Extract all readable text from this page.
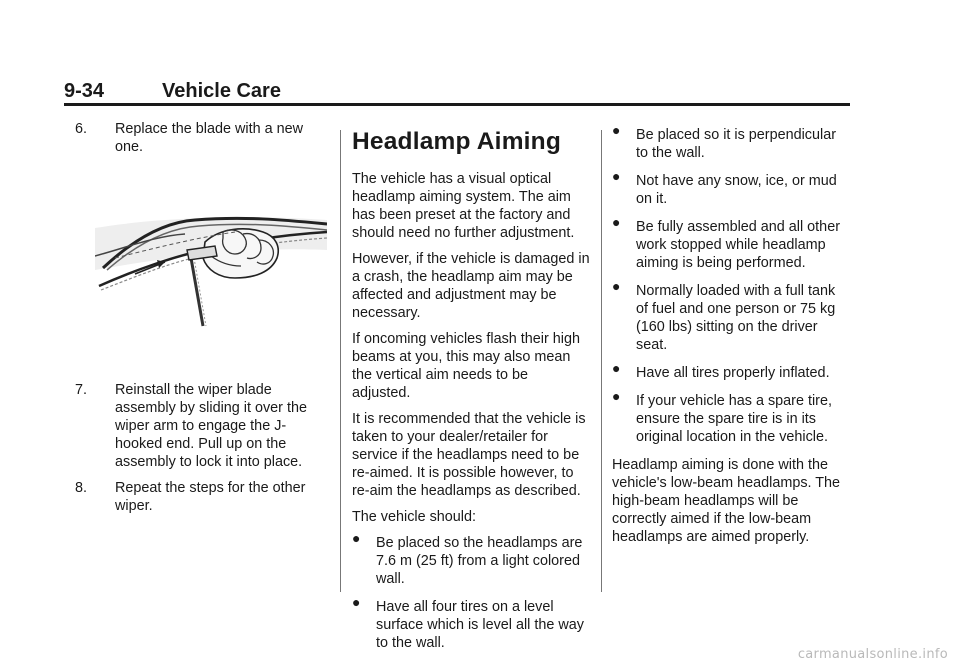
9-34	Vehicle Care
6. Replace the blade with a new one.
7. Reinstall the wiper blade assembly by sliding it over the wiper arm to engage the J-hooked end. Pull up on the assembly to lock it into place.
8. Repeat the steps for the other wiper.
Headlamp Aiming
The vehicle has a visual optical headlamp aiming system. The aim has been preset at the factory and should need no further adjustment.
However, if the vehicle is damaged in a crash, the headlamp aim may be affected and adjustment may be necessary.
If oncoming vehicles flash their high beams at you, this may also mean the vertical aim needs to be adjusted.
It is recommended that the vehicle is taken to your dealer/retailer for service if the headlamps need to be re-aimed. It is possible however, to re-aim the headlamps as described.
The vehicle should:
● Be placed so the headlamps are 7.6 m (25 ft) from a light colored wall.
● Have all four tires on a level surface which is level all the way to the wall.
● Be placed so it is perpendicular to the wall.
● Not have any snow, ice, or mud on it.
● Be fully assembled and all other work stopped while headlamp aiming is being performed.
● Normally loaded with a full tank of fuel and one person or 75 kg (160 lbs) sitting on the driver seat.
● Have all tires properly inflated.
● If your vehicle has a spare tire, ensure the spare tire is in its original location in the vehicle.
Headlamp aiming is done with the vehicle's low-beam headlamps. The high-beam headlamps will be correctly aimed if the low-beam headlamps are aimed properly.
carmanualsonline.info
